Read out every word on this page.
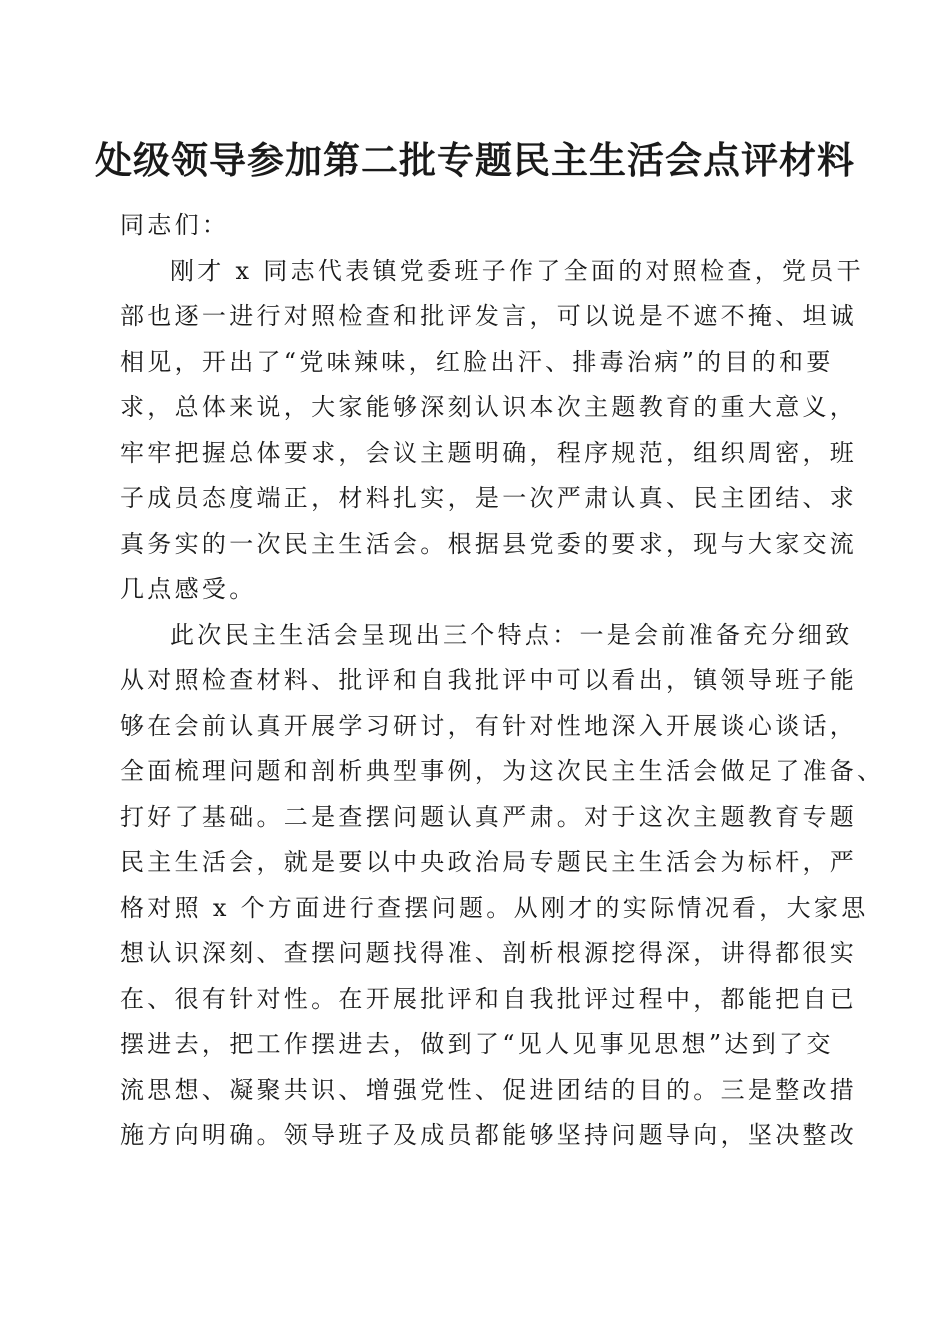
处级领导参加第二批专题民主生活会点评材料
同志们：
刚才 x 同志代表镇党委班子作了全面的对照检查，党员干
部也逐一进行对照检查和批评发言，可以说是不遮不掩、坦诚
相见，开出了“党味辣味，红脸出汗、排毒治病”的目的和要
求，总体来说，大家能够深刻认识本次主题教育的重大意义，
牢牢把握总体要求，会议主题明确，程序规范，组织周密，班
子成员态度端正，材料扎实，是一次严肃认真、民主团结、求
真务实的一次民主生活会。根据县党委的要求，现与大家交流
几点感受。
此次民主生活会呈现出三个特点：一是会前准备充分细致
从对照检查材料、批评和自我批评中可以看出，镇领导班子能
够在会前认真开展学习研讨，有针对性地深入开展谈心谈话，
全面梳理问题和剖析典型事例，为这次民主生活会做足了准备、
打好了基础。二是查摆问题认真严肃。对于这次主题教育专题
民主生活会，就是要以中央政治局专题民主生活会为标杆，严
格对照 x 个方面进行查摆问题。从刚才的实际情况看，大家思
想认识深刻、查摆问题找得准、剖析根源挖得深，讲得都很实
在、很有针对性。在开展批评和自我批评过程中，都能把自已
摆进去，把工作摆进去，做到了“见人见事见思想”达到了交
流思想、凝聚共识、增强党性、促进团结的目的。三是整改措
施方向明确。领导班子及成员都能够坚持问题导向，坚决整改
